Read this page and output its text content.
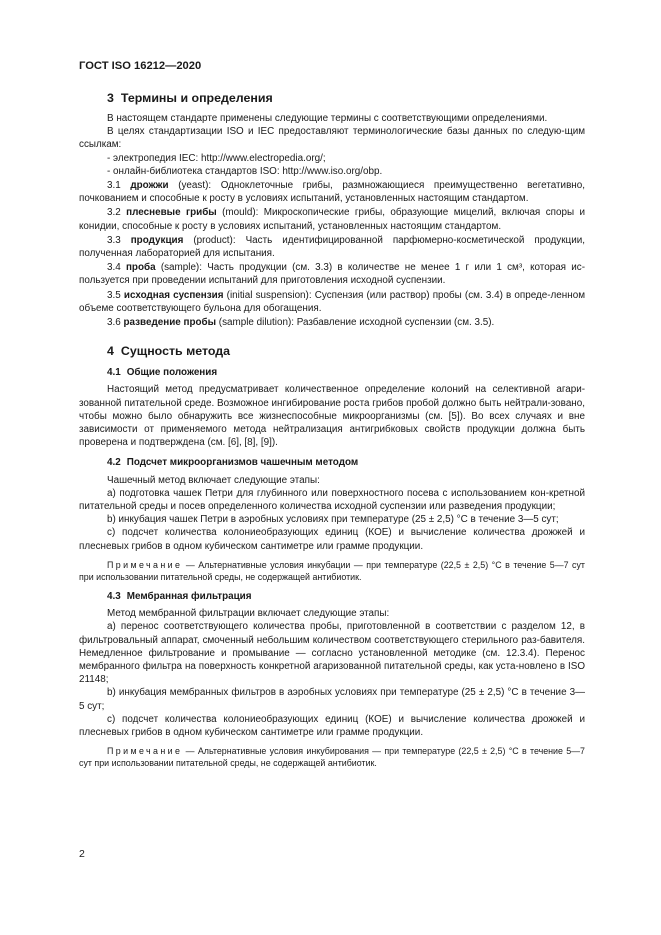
ГОСТ ISO 16212—2020
3 Термины и определения

В настоящем стандарте применены следующие термины с соответствующими определениями.

В целях стандартизации ISO и IEC предоставляют терминологические базы данных по следую-щим ссылкам:

- электропедия IEC: http://www.electropedia.org/;

- онлайн-библиотека стандартов ISO: http://www.iso.org/obp.

3.1 дрожжи (yeast): Одноклеточные грибы, размножающиеся преимущественно вегетативно, почкованием и способные к росту в условиях испытаний, установленных настоящим стандартом.

3.2 плесневые грибы (mould): Микроскопические грибы, образующие мицелий, включая споры и конидии, способные к росту в условиях испытаний, установленных настоящим стандартом.

3.3 продукция (product): Часть идентифицированной парфюмерно-косметической продукции, полученная лабораторией для испытания.

3.4 проба (sample): Часть продукции (см. 3.3) в количестве не менее 1 г или 1 см³, которая ис-пользуется при проведении испытаний для приготовления исходной суспензии.

3.5 исходная суспензия (initial suspension): Суспензия (или раствор) пробы (см. 3.4) в опреде-ленном объеме соответствующего бульона для обогащения.

3.6 разведение пробы (sample dilution): Разбавление исходной суспензии (см. 3.5).

4 Сущность метода
4.1 Общие положения

Настоящий метод предусматривает количественное определение колоний на селективной агари-зованной питательной среде. Возможное ингибирование роста грибов пробой должно быть нейтрали-зовано, чтобы можно было обнаружить все жизнеспособные микроорганизмы (см. [5]). Во всех случаях и вне зависимости от применяемого метода нейтрализация антигрибковых свойств продукции должна быть проверена и подтверждена (см. [6], [8], [9]).

4.2 Подсчет микроорганизмов чашечным методом

Чашечный метод включает следующие этапы:

а) подготовка чашек Петри для глубинного или поверхностного посева с использованием кон-кретной питательной среды и посев определенного количества исходной суспензии или разведения продукции;

b) инкубация чашек Петри в аэробных условиях при температуре (25 ± 2,5) °С в течение 3—5 сут;

с) подсчет количества колониеобразующих единиц (КОЕ) и вычисление количества дрожжей и плесневых грибов в одном кубическом сантиметре или грамме продукции.

Примечание — Альтернативные условия инкубации — при температуре (22,5 ± 2,5) °С в течение 5—7 сут при использовании питательной среды, не содержащей антибиотик.

4.3 Мембранная фильтрация

Метод мембранной фильтрации включает следующие этапы:

а) перенос соответствующего количества пробы, приготовленной в соответствии с разделом 12, в фильтровальный аппарат, смоченный небольшим количеством соответствующего стерильного раз-бавителя. Немедленное фильтрование и промывание — согласно установленной методике (см. 12.3.4). Перенос мембранного фильтра на поверхность конкретной агаризованной питательной среды, как уста-новлено в ISO 21148;

b) инкубация мембранных фильтров в аэробных условиях при температуре (25 ± 2,5) °С в течение 3—5 сут;

с) подсчет количества колониеобразующих единиц (КОЕ) и вычисление количества дрожжей и плесневых грибов в одном кубическом сантиметре или грамме продукции.

Примечание — Альтернативные условия инкубирования — при температуре (22,5 ± 2,5) °С в течение 5—7 сут при использовании питательной среды, не содержащей антибиотик.

2
